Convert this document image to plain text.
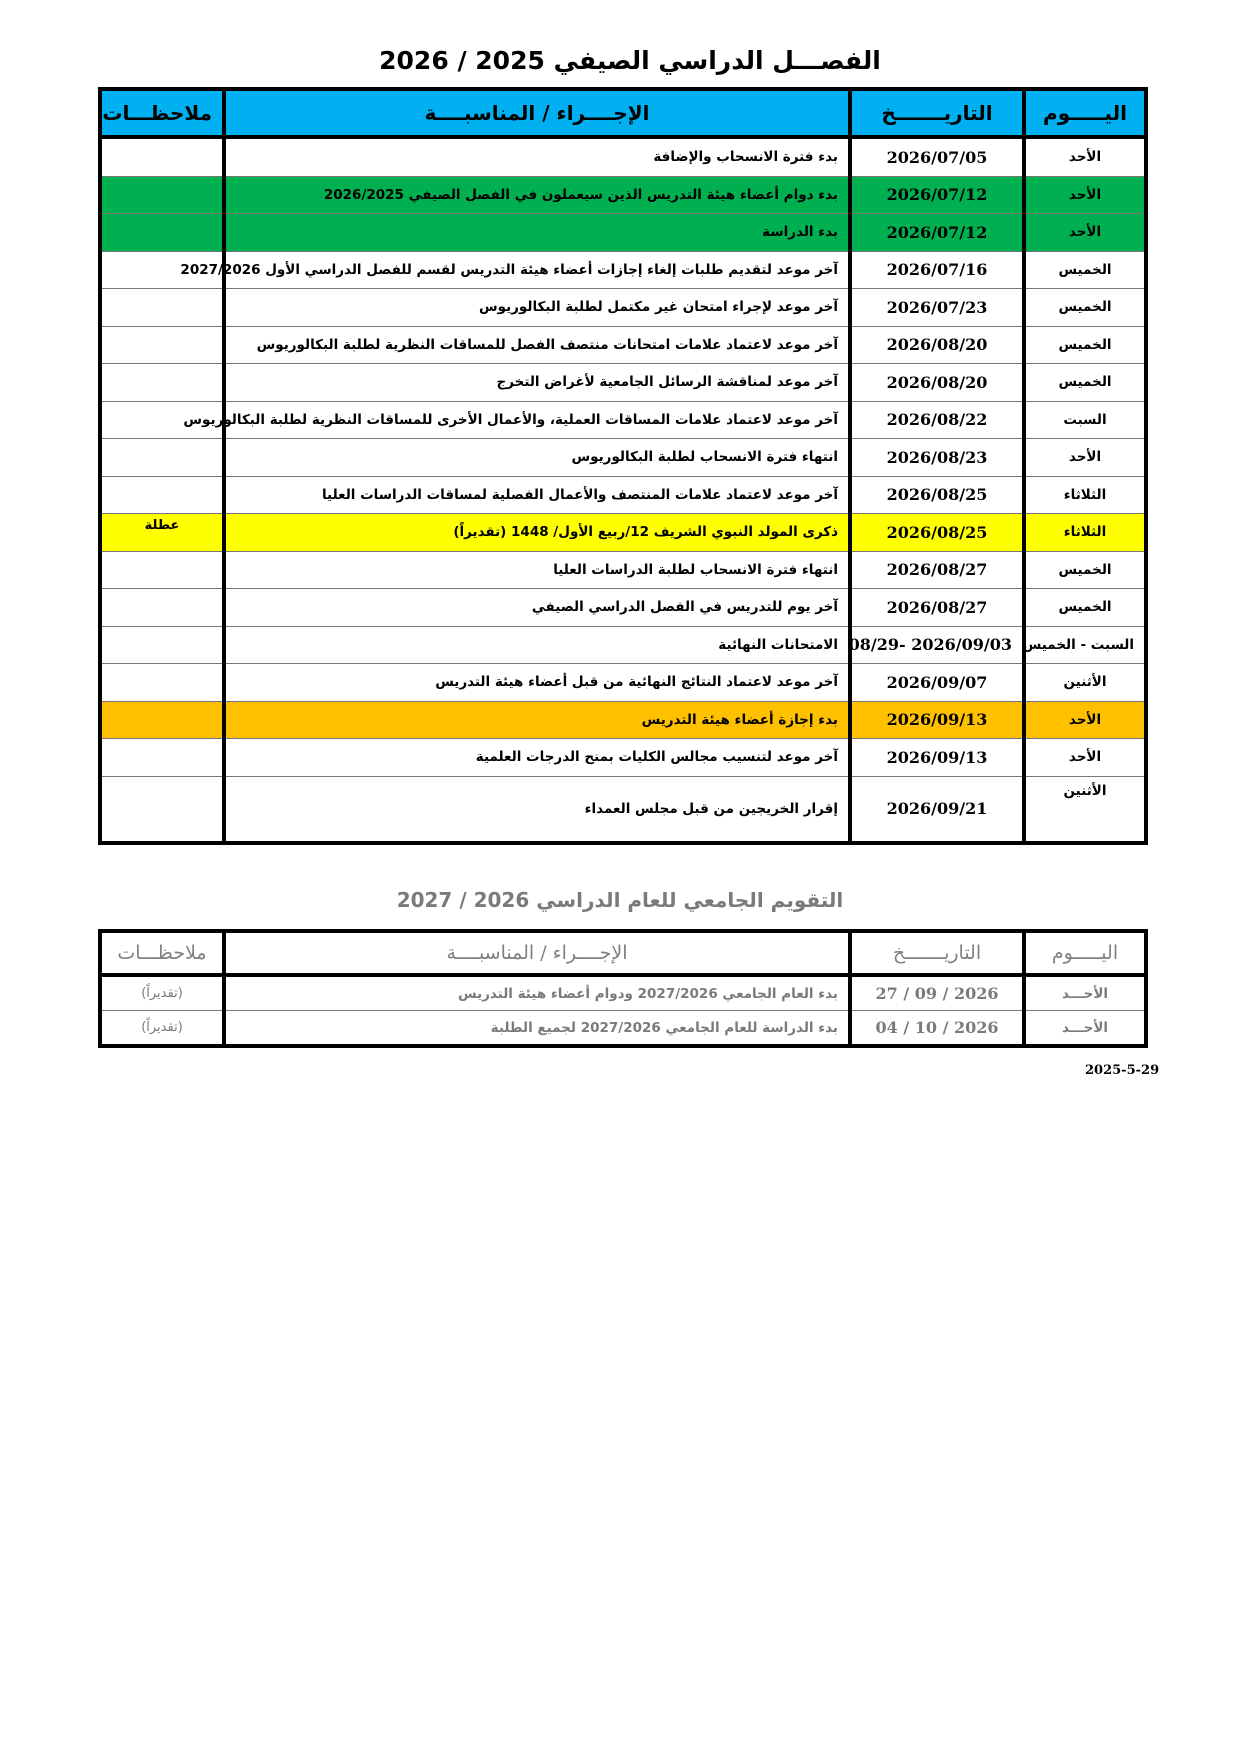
الفصـــل الدراسي الصيفي 2025 / 2026
اليـــــوم	التاريـــــــخ	الإجــــراء / المناسبــــة	ملاحظـــات
الأحد	2026/07/05	بدء فترة الانسحاب والإضافة	
الأحد	2026/07/12	بدء دوام أعضاء هيئة التدريس الذين سيعملون في الفصل الصيفي 2026/2025	
الأحد	2026/07/12	بدء الدراسة	
الخميس	2026/07/16	آخر موعد لتقديم طلبات إلغاء إجازات أعضاء هيئة التدريس لقسم للفصل الدراسي الأول 2027/2026	
الخميس	2026/07/23	آخر موعد لإجراء امتحان غير مكتمل لطلبة البكالوريوس	
الخميس	2026/08/20	آخر موعد لاعتماد علامات امتحانات منتصف الفصل للمساقات النظرية لطلبة البكالوريوس	
الخميس	2026/08/20	آخر موعد لمناقشة الرسائل الجامعية لأغراض التخرج	
السبت	2026/08/22	آخر موعد لاعتماد علامات المساقات العملية، والأعمال الأخرى للمساقات النظرية لطلبة البكالوريوس	
الأحد	2026/08/23	انتهاء فترة الانسحاب لطلبة البكالوريوس	
الثلاثاء	2026/08/25	آخر موعد لاعتماد علامات المنتصف والأعمال الفصلية لمساقات الدراسات العليا	
الثلاثاء	2026/08/25	ذكرى المولد النبوي الشريف 12/ربيع الأول/ 1448 (تقديراً)	عطلة
الخميس	2026/08/27	انتهاء فترة الانسحاب لطلبة الدراسات العليا	
الخميس	2026/08/27	آخر يوم للتدريس في الفصل الدراسي الصيفي	
السبت - الخميس	2026/09/03 -08/29	الامتحانات النهائية	
الأثنين	2026/09/07	آخر موعد لاعتماد النتائج النهائية من قبل أعضاء هيئة التدريس	
الأحد	2026/09/13	بدء إجازة أعضاء هيئة التدريس	
الأحد	2026/09/13	آخر موعد لتنسيب مجالس الكليات بمنح الدرجات العلمية	
الأثنين	2026/09/21	إقرار الخريجين من قبل مجلس العمداء	
التقويم الجامعي للعام الدراسي 2026 / 2027
اليـــــوم	التاريـــــــخ	الإجــــراء / المناسبــــة	ملاحظـــات
الأحـــد	2026 / 09 / 27	بدء العام الجامعي 2027/2026 ودوام أعضاء هيئة التدريس	(تقديراً)
الأحـــد	2026 / 10 / 04	بدء الدراسة للعام الجامعي 2027/2026 لجميع الطلبة	(تقديراً)
2025-5-29
